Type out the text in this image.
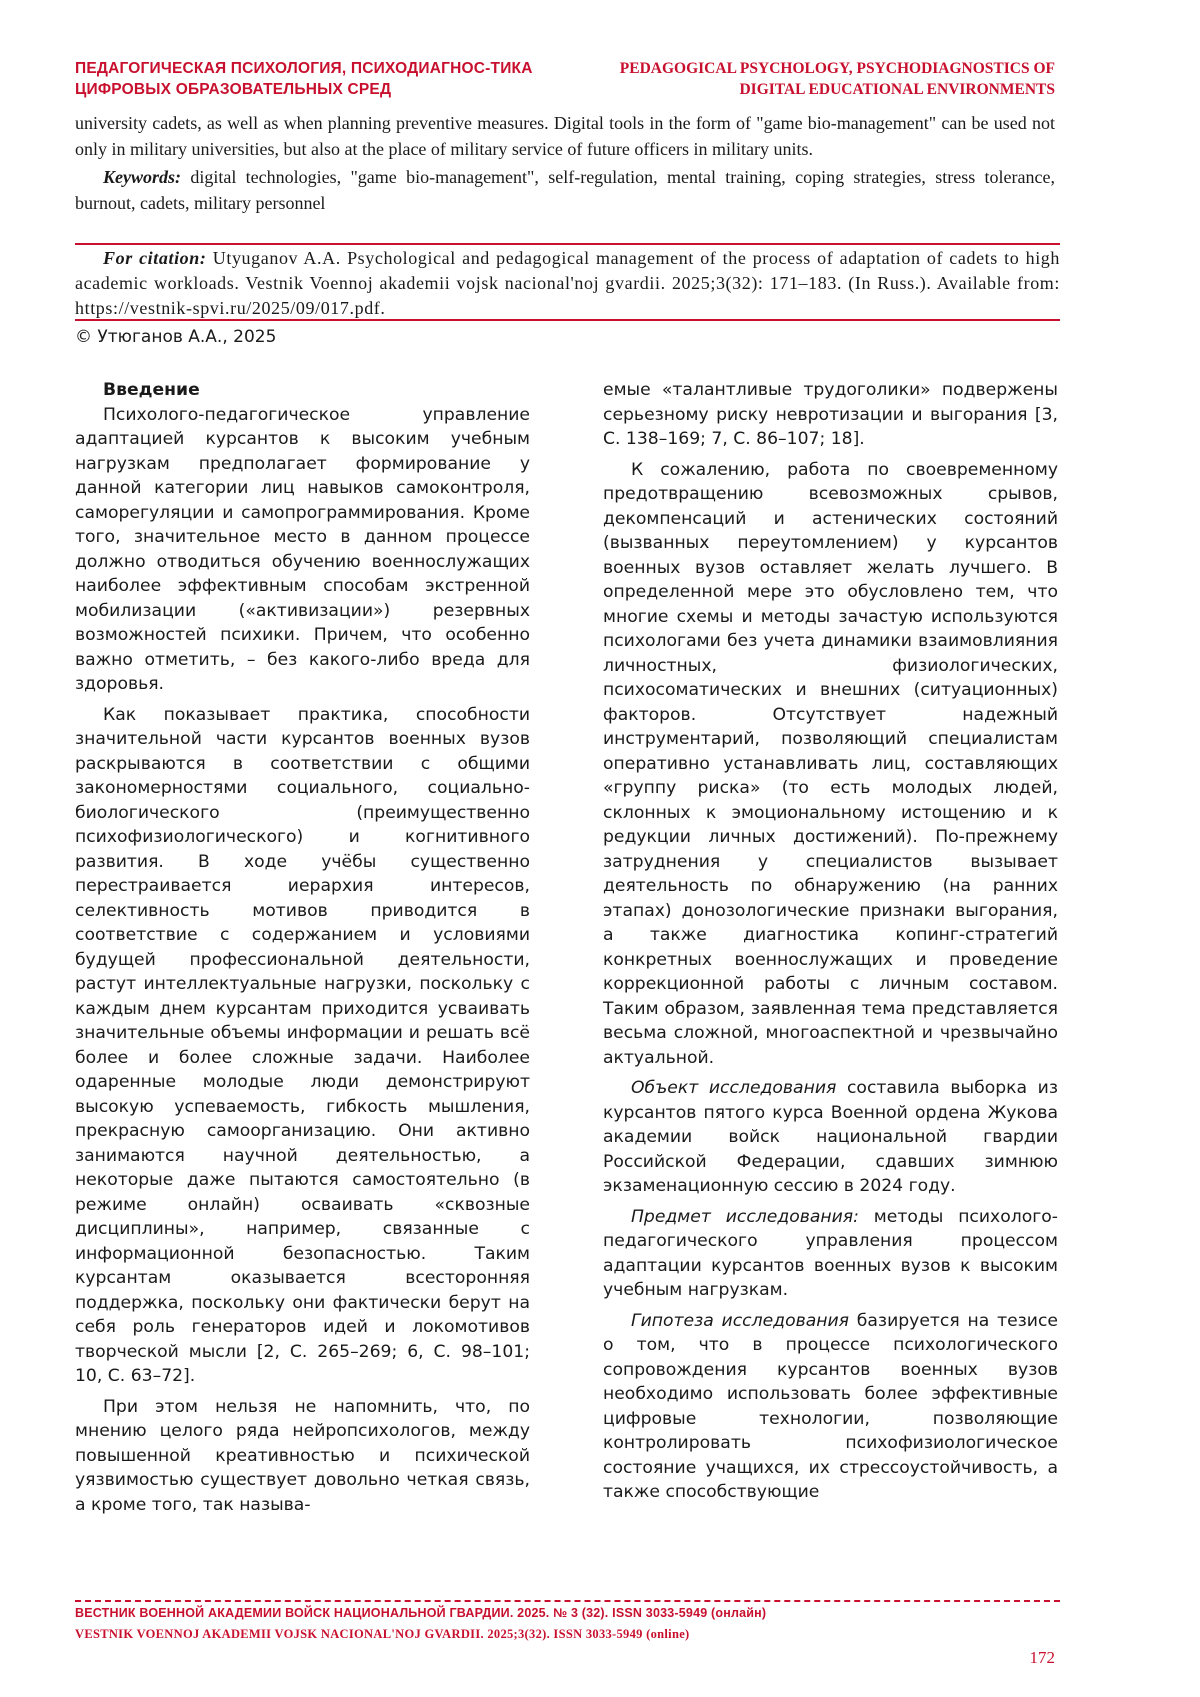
ПЕДАГОГИЧЕСКАЯ ПСИХОЛОГИЯ, ПСИХОДИАГНОС-ТИКА ЦИФРОВЫХ ОБРАЗОВАТЕЛЬНЫХ СРЕД
PEDAGOGICAL PSYCHOLOGY, PSYCHODIAGNOSTICS OF DIGITAL EDUCATIONAL ENVIRONMENTS

university cadets, as well as when planning preventive measures. Digital tools in the form of "game bio-management" can be used not only in military universities, but also at the place of military service of future officers in military units.

Keywords: digital technologies, "game bio-management", self-regulation, mental training, coping strategies, stress tolerance, burnout, cadets, military personnel

For citation: Utyuganov A.A. Psychological and pedagogical management of the process of adaptation of cadets to high academic workloads. Vestnik Voennoj akademii vojsk nacional'noj gvardii. 2025;3(32): 171–183. (In Russ.). Available from: https://vestnik-spvi.ru/2025/09/017.pdf.
© Утюганов А.А., 2025
Введение

Психолого-педагогическое управление адаптацией курсантов к высоким учебным нагрузкам предполагает формирование у данной категории лиц навыков самоконтроля, саморегуляции и самопрограммирования. Кроме того, значительное место в данном процессе должно отводиться обучению военнослужащих наиболее эффективным способам экстренной мобилизации («активизации») резервных возможностей психики. Причем, что особенно важно отметить, – без какого-либо вреда для здоровья.

Как показывает практика, способности значительной части курсантов военных вузов раскрываются в соответствии с общими закономерностями социального, социально-биологического (преимущественно психофизиологического) и когнитивного развития. В ходе учёбы существенно перестраивается иерархия интересов, селективность мотивов приводится в соответствие с содержанием и условиями будущей профессиональной деятельности, растут интеллектуальные нагрузки, поскольку с каждым днем курсантам приходится усваивать значительные объемы информации и решать всё более и более сложные задачи. Наиболее одаренные молодые люди демонстрируют высокую успеваемость, гибкость мышления, прекрасную самоорганизацию. Они активно занимаются научной деятельностью, а некоторые даже пытаются самостоятельно (в режиме онлайн) осваивать «сквозные дисциплины», например, связанные с информационной безопасностью. Таким курсантам оказывается всесторонняя поддержка, поскольку они фактически берут на себя роль генераторов идей и локомотивов творческой мысли [2, С. 265–269; 6, С. 98–101; 10, С. 63–72].

При этом нельзя не напомнить, что, по мнению целого ряда нейропсихологов, между повышенной креативностью и психической уязвимостью существует довольно четкая связь, а кроме того, так называ-

емые «талантливые трудоголики» подвержены серьезному риску невротизации и выгорания [3, С. 138–169; 7, С. 86–107; 18].

К сожалению, работа по своевременному предотвращению всевозможных срывов, декомпенсаций и астенических состояний (вызванных переутомлением) у курсантов военных вузов оставляет желать лучшего. В определенной мере это обусловлено тем, что многие схемы и методы зачастую используются психологами без учета динамики взаимовлияния личностных, физиологических, психосоматических и внешних (ситуационных) факторов. Отсутствует надежный инструментарий, позволяющий специалистам оперативно устанавливать лиц, составляющих «группу риска» (то есть молодых людей, склонных к эмоциональному истощению и к редукции личных достижений). По-прежнему затруднения у специалистов вызывает деятельность по обнаружению (на ранних этапах) донозологические признаки выгорания, а также диагностика копинг-стратегий конкретных военнослужащих и проведение коррекционной работы с личным составом. Таким образом, заявленная тема представляется весьма сложной, многоаспектной и чрезвычайно актуальной.

Объект исследования составила выборка из курсантов пятого курса Военной ордена Жукова академии войск национальной гвардии Российской Федерации, сдавших зимнюю экзаменационную сессию в 2024 году.

Предмет исследования: методы психолого-педагогического управления процессом адаптации курсантов военных вузов к высоким учебным нагрузкам.

Гипотеза исследования базируется на тезисе о том, что в процессе психологического сопровождения курсантов военных вузов необходимо использовать более эффективные цифровые технологии, позволяющие контролировать психофизиологическое состояние учащихся, их стрессоустойчивость, а также способствующие

ВЕСТНИК ВОЕННОЙ АКАДЕМИИ ВОЙСК НАЦИОНАЛЬНОЙ ГВАРДИИ. 2025. № 3 (32). ISSN 3033-5949 (онлайн)
VESTNIK VOENNOJ AKADEMII VOJSK NACIONAL'NOJ GVARDII. 2025;3(32). ISSN 3033-5949 (online)
172
